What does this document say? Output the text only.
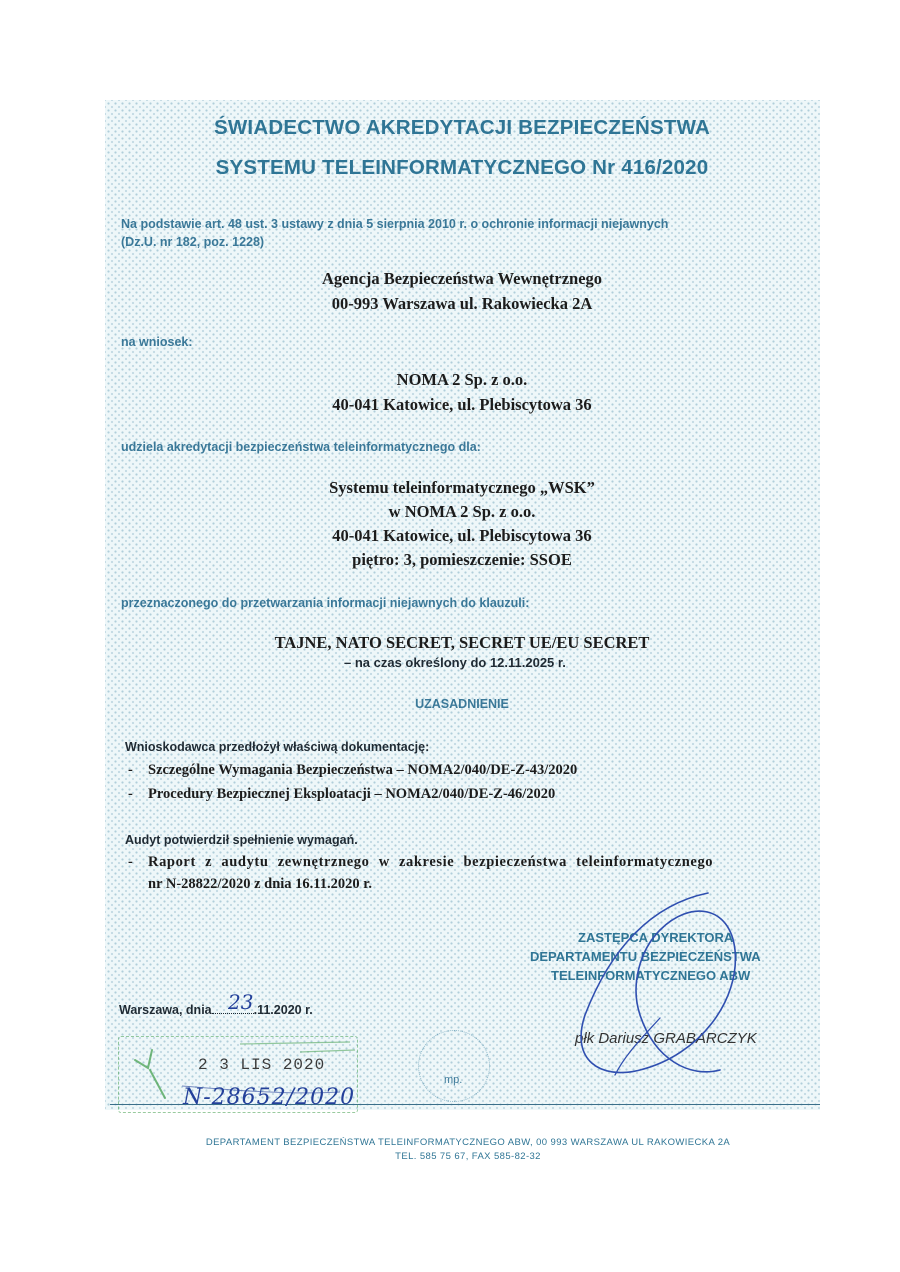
ŚWIADECTWO AKREDYTACJI BEZPIECZEŃSTWA
SYSTEMU TELEINFORMATYCZNEGO Nr 416/2020
Na podstawie art. 48 ust. 3 ustawy z dnia 5 sierpnia 2010 r. o ochronie informacji niejawnych
(Dz.U. nr 182, poz. 1228)
Agencja Bezpieczeństwa Wewnętrznego
00-993 Warszawa ul. Rakowiecka 2A
na wniosek:
NOMA 2 Sp. z o.o.
40-041 Katowice, ul. Plebiscytowa 36
udziela akredytacji bezpieczeństwa teleinformatycznego dla:
Systemu teleinformatycznego „WSK”
w NOMA 2 Sp. z o.o.
40-041 Katowice, ul. Plebiscytowa 36
piętro: 3, pomieszczenie: SSOE
przeznaczonego do przetwarzania informacji niejawnych do klauzuli:
TAJNE, NATO SECRET, SECRET UE/EU SECRET
– na czas określony do 12.11.2025 r.
UZASADNIENIE
Wnioskodawca przedłożył właściwą dokumentację:
- Szczególne Wymagania Bezpieczeństwa – NOMA2/040/DE-Z-43/2020
- Procedury Bezpiecznej Eksploatacji – NOMA2/040/DE-Z-46/2020
Audyt potwierdził spełnienie wymagań.
- Raport z audytu zewnętrznego w zakresie bezpieczeństwa teleinformatycznego
nr N-28822/2020 z dnia 16.11.2020 r.
ZASTĘPCA DYREKTORA
DEPARTAMENTU BEZPIECZEŃSTWA
TELEINFORMATYCZNEGO ABW
Warszawa, dnia	.11.2020 r.
23
płk Dariusz GRABARCZYK
2 3 LIS 2020
N-28652/2020
mp.
DEPARTAMENT BEZPIECZEŃSTWA TELEINFORMATYCZNEGO ABW, 00 993 WARSZAWA UL RAKOWIECKA 2A
TEL. 585 75 67, FAX 585-82-32
